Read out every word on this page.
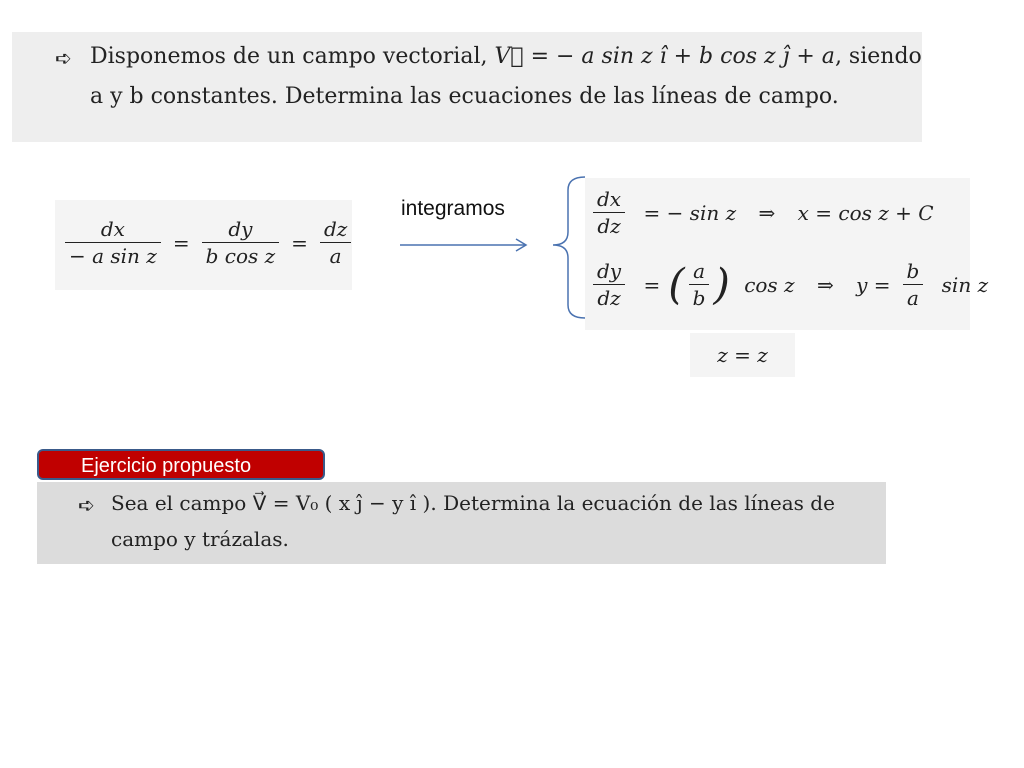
➪ Disponemos de un campo vectorial, V⃗ = − a sin z î + b cos z ĵ + a, siendo
a y b constantes. Determina las ecuaciones de las líneas de campo.
$\frac{dx}{\text{− a sin z}} = \frac{dy}{\text{b cos z}} = \frac{dz}{a}$
integramos	$\frac{dx}{dz}$ = − sin z ⇒ x = cos z + C
$\frac{dy}{dz}$ = ( $\frac{a}{b}$ ) cos z ⇒ $y = \frac{b}{a}$ sin z
z = z
Ejercicio propuesto
➪ Sea el campo V⃗ = V₀ ( x ĵ − y î ). Determina la ecuación de las líneas de
campo y trázalas.
